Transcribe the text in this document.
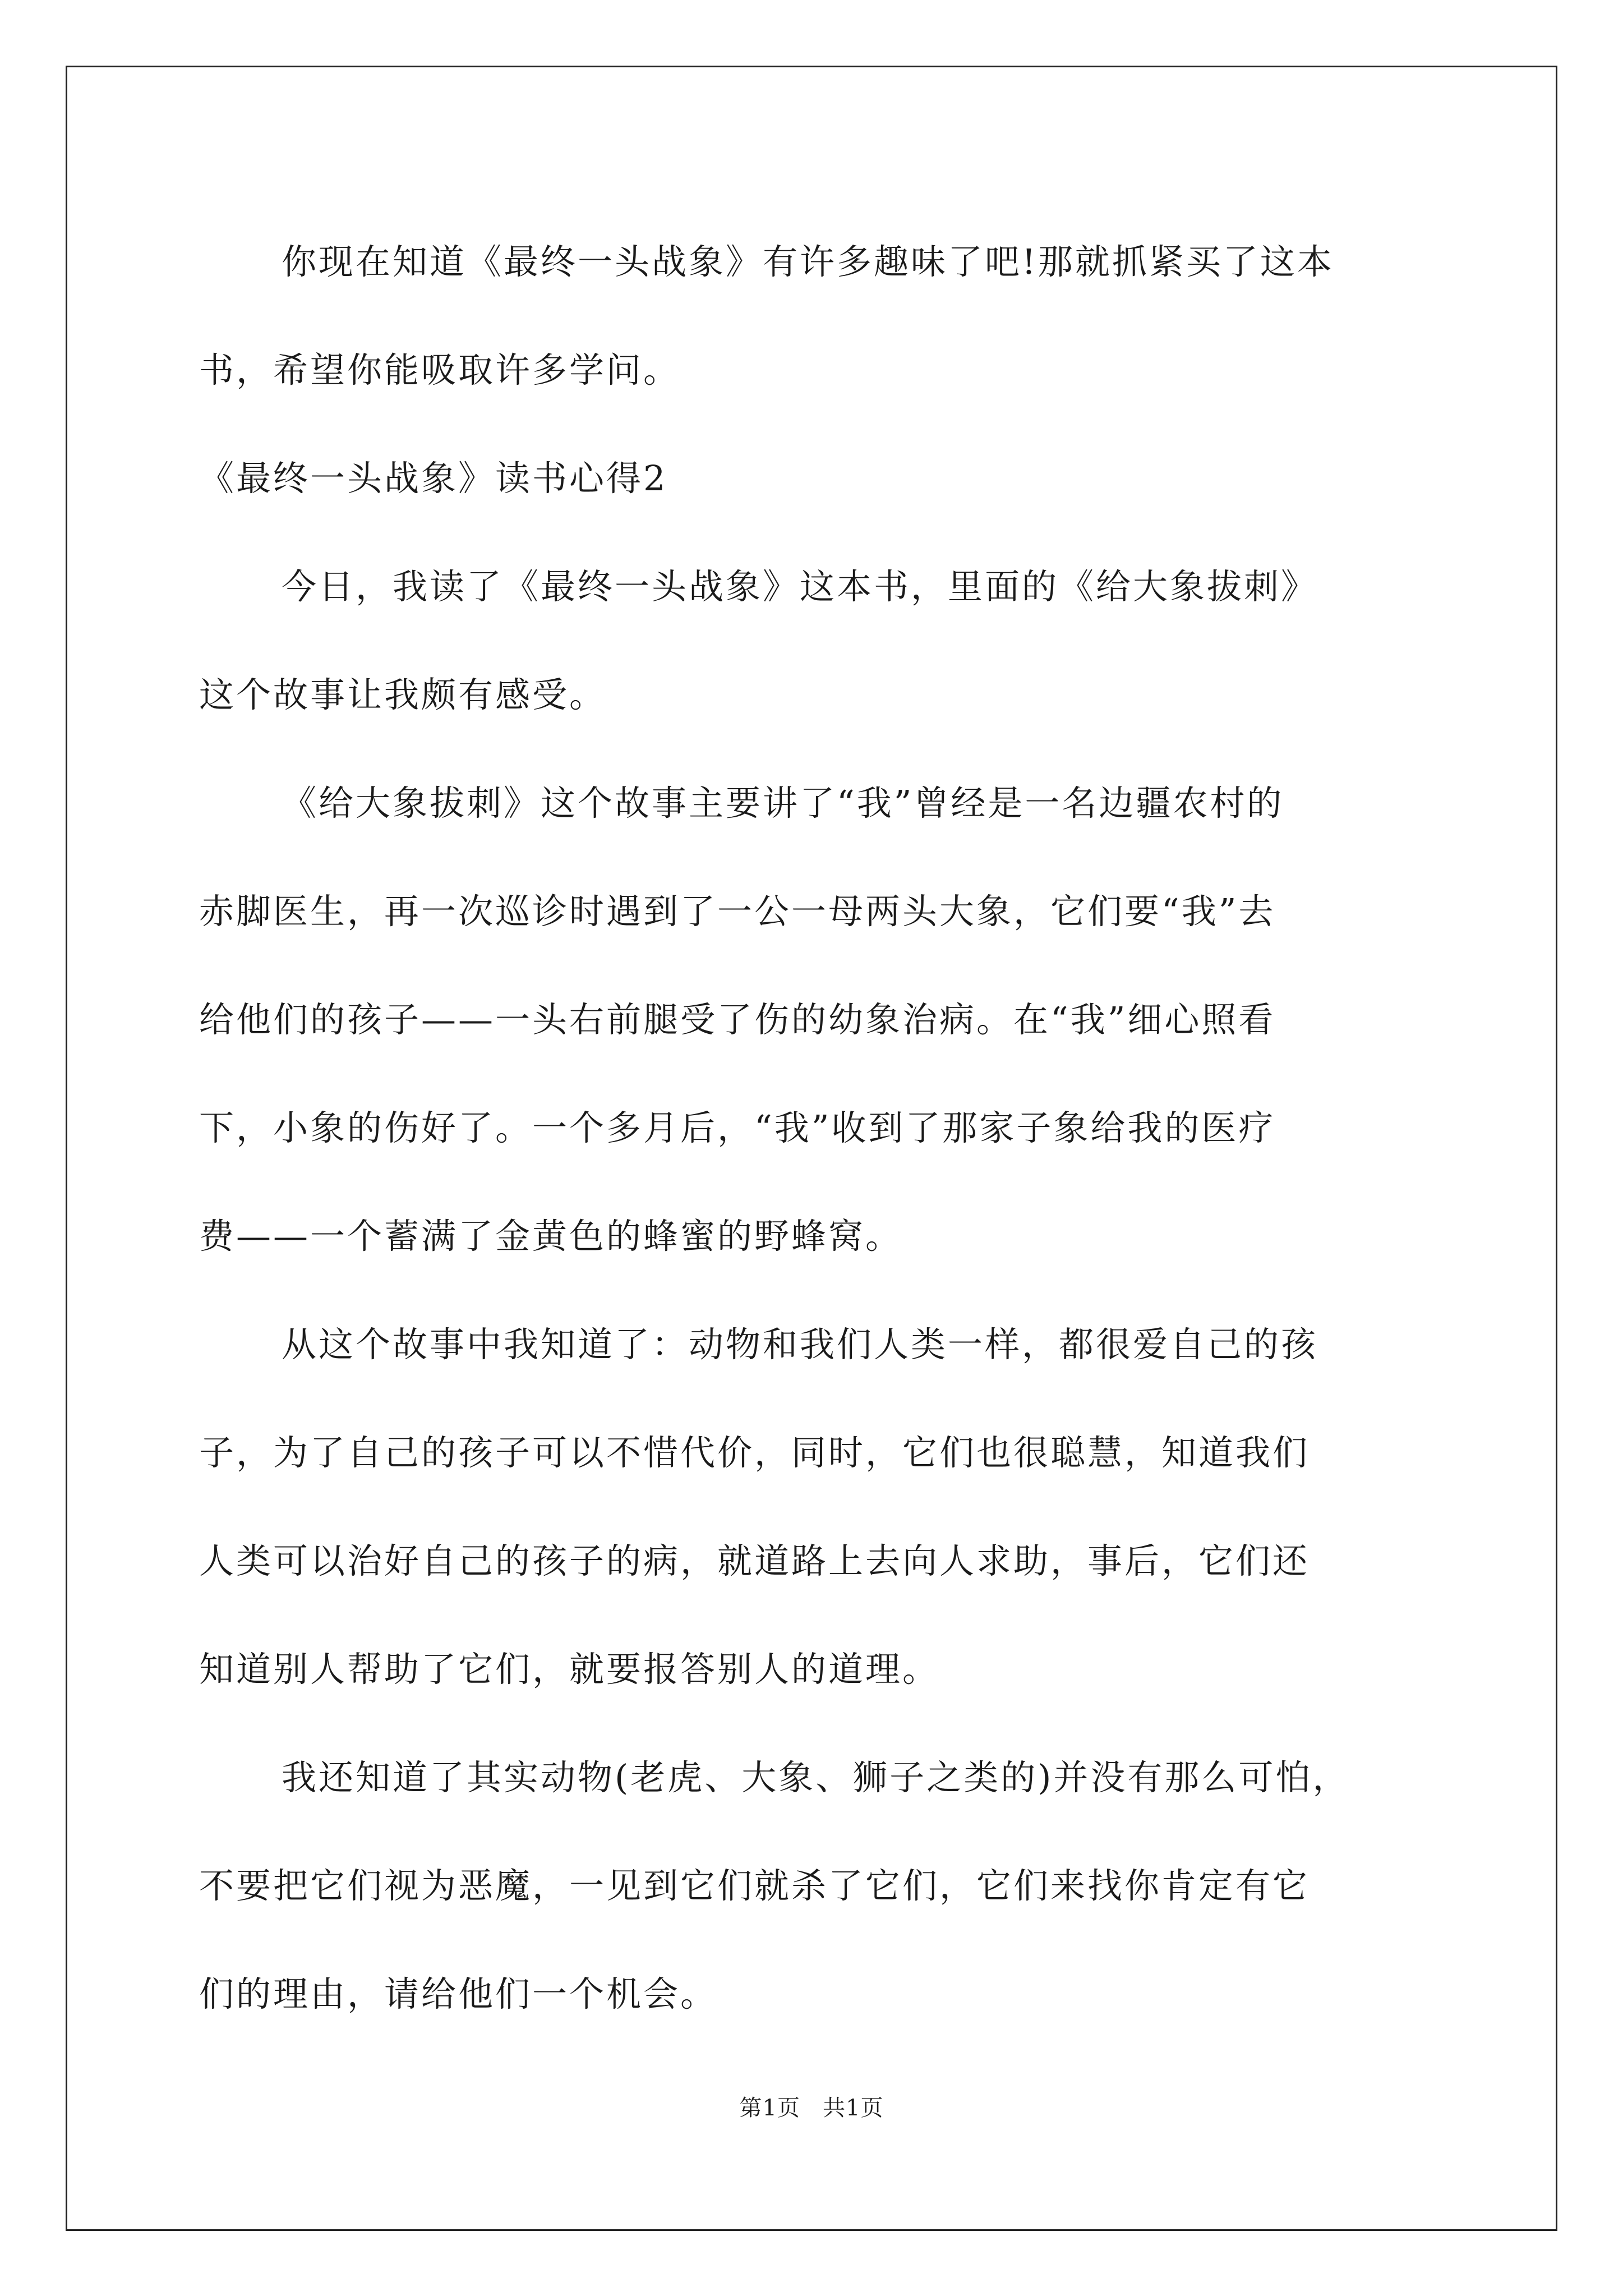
你现在知道《最终一头战象》有许多趣味了吧!那就抓紧买了这本
书，希望你能吸取许多学问。
《最终一头战象》读书心得2
今日，我读了《最终一头战象》这本书，里面的《给大象拔刺》
这个故事让我颇有感受。
《给大象拔刺》这个故事主要讲了“我”曾经是一名边疆农村的
赤脚医生，再一次巡诊时遇到了一公一母两头大象，它们要“我”去
给他们的孩子——一头右前腿受了伤的幼象治病。在“我”细心照看
下，小象的伤好了。一个多月后，“我”收到了那家子象给我的医疗
费——一个蓄满了金黄色的蜂蜜的野蜂窝。
从这个故事中我知道了：动物和我们人类一样，都很爱自己的孩
子，为了自己的孩子可以不惜代价，同时，它们也很聪慧，知道我们
人类可以治好自己的孩子的病，就道路上去向人求助，事后，它们还
知道别人帮助了它们，就要报答别人的道理。
我还知道了其实动物(老虎、大象、狮子之类的)并没有那么可怕，
不要把它们视为恶魔，一见到它们就杀了它们，它们来找你肯定有它
们的理由，请给他们一个机会。
第1页 共1页
